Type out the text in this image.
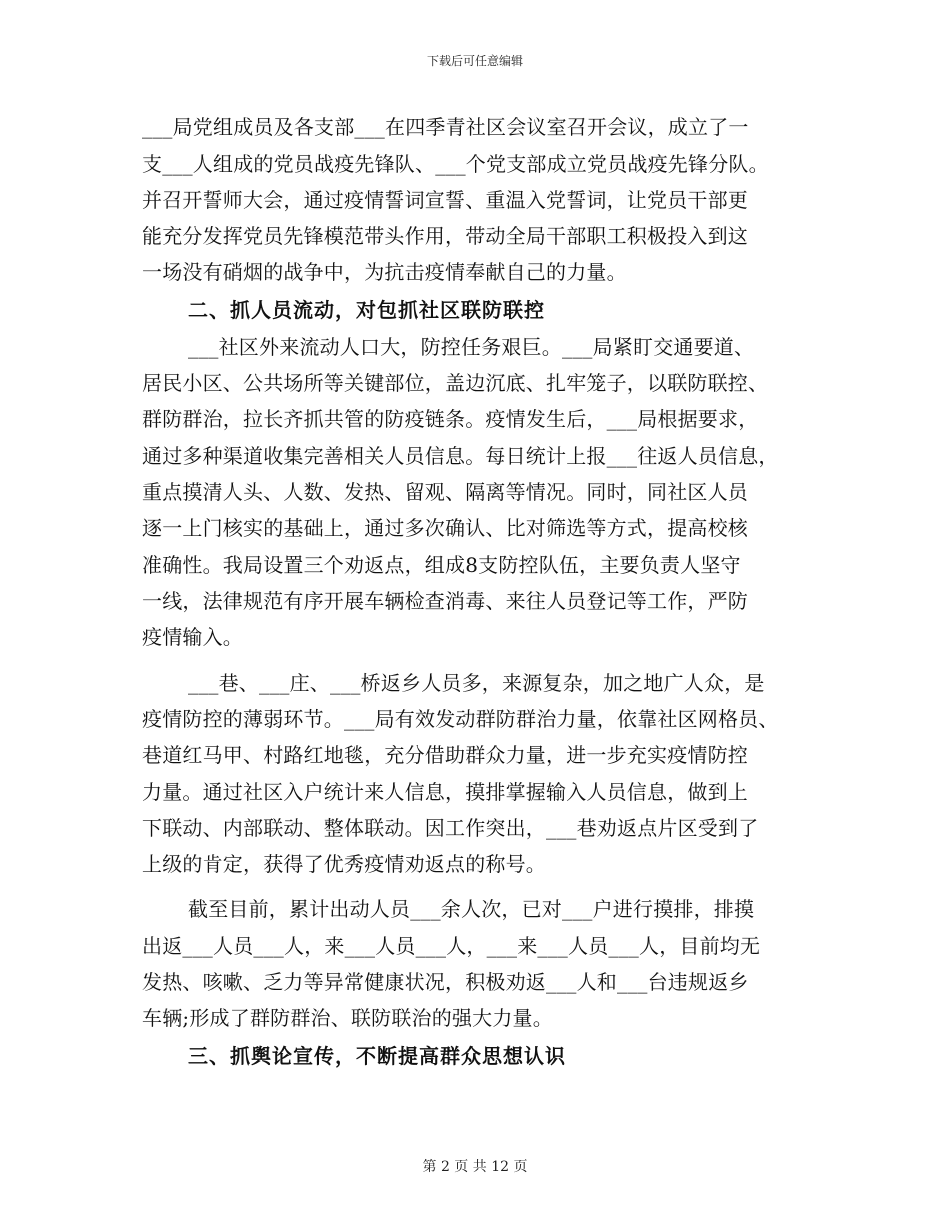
下载后可任意编辑
___局党组成员及各支部___在四季青社区会议室召开会议，成立了一
支___人组成的党员战疫先锋队、___个党支部成立党员战疫先锋分队。
并召开誓师大会，通过疫情誓词宣誓、重温入党誓词，让党员干部更
能充分发挥党员先锋模范带头作用，带动全局干部职工积极投入到这
一场没有硝烟的战争中，为抗击疫情奉献自己的力量。
二、抓人员流动，对包抓社区联防联控
___社区外来流动人口大，防控任务艰巨。___局紧盯交通要道、
居民小区、公共场所等关键部位，盖边沉底、扎牢笼子，以联防联控、
群防群治，拉长齐抓共管的防疫链条。疫情发生后，___局根据要求，
通过多种渠道收集完善相关人员信息。每日统计上报___往返人员信息，
重点摸清人头、人数、发热、留观、隔离等情况。同时，同社区人员
逐一上门核实的基础上，通过多次确认、比对筛选等方式，提高校核
准确性。我局设置三个劝返点，组成8支防控队伍，主要负责人坚守
一线，法律规范有序开展车辆检查消毒、来往人员登记等工作，严防
疫情输入。
___巷、___庄、___桥返乡人员多，来源复杂，加之地广人众，是
疫情防控的薄弱环节。___局有效发动群防群治力量，依靠社区网格员、
巷道红马甲、村路红地毯，充分借助群众力量，进一步充实疫情防控
力量。通过社区入户统计来人信息，摸排掌握输入人员信息，做到上
下联动、内部联动、整体联动。因工作突出，___巷劝返点片区受到了
上级的肯定，获得了优秀疫情劝返点的称号。
截至目前，累计出动人员___余人次，已对___户进行摸排，排摸
出返___人员___人，来___人员___人，___来___人员___人，目前均无
发热、咳嗽、乏力等异常健康状况，积极劝返___人和___台违规返乡
车辆;形成了群防群治、联防联治的强大力量。
三、抓舆论宣传，不断提高群众思想认识
第 2 页 共 12 页
